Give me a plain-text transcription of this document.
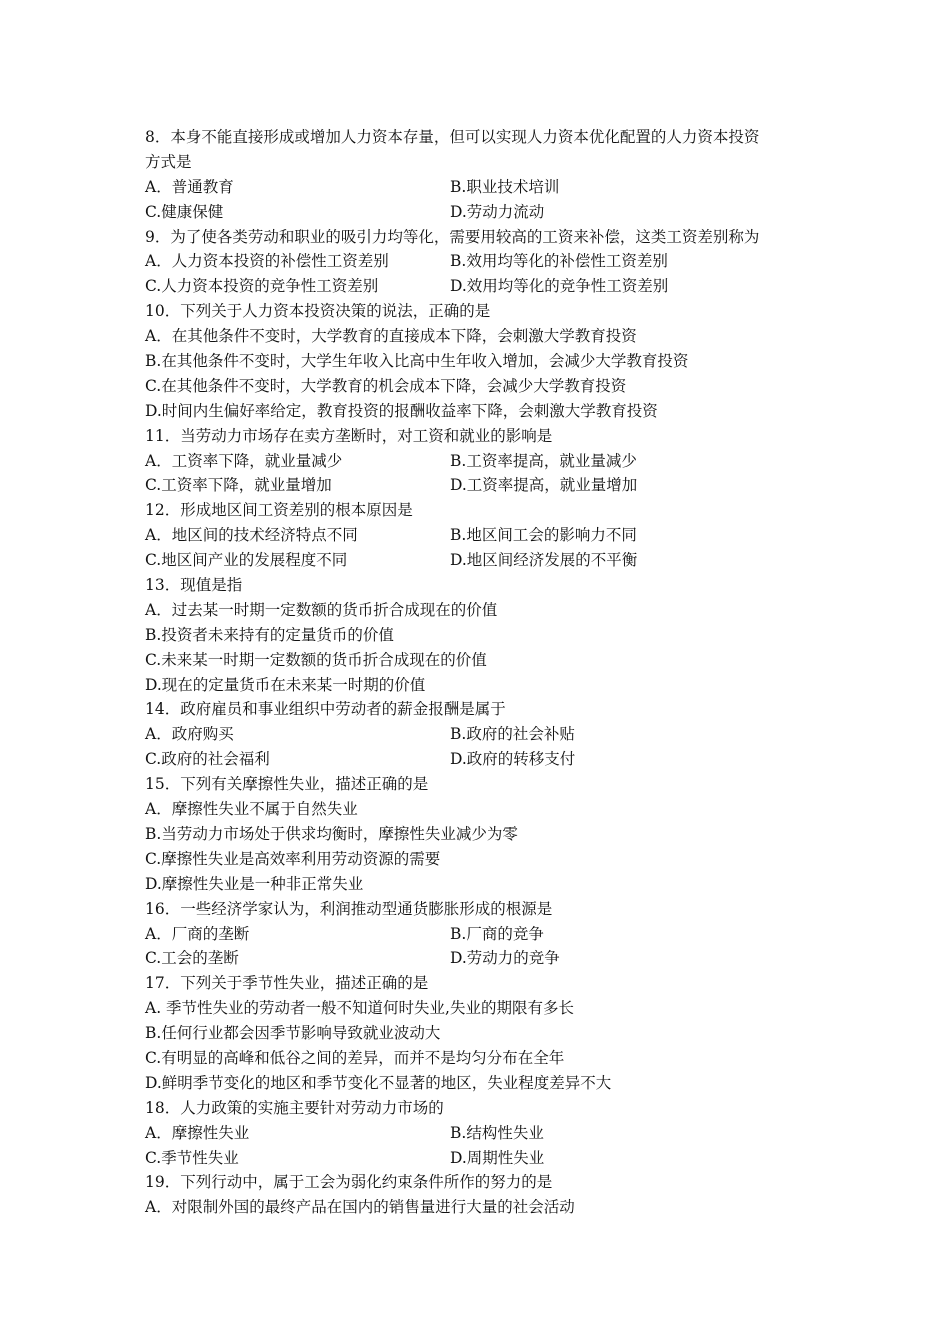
8．本身不能直接形成或增加人力资本存量，但可以实现人力资本优化配置的人力资本投资
方式是
A．普通教育	B.职业技术培训
C.健康保健	D.劳动力流动
9．为了使各类劳动和职业的吸引力均等化，需要用较高的工资来补偿，这类工资差别称为
A．人力资本投资的补偿性工资差别	B.效用均等化的补偿性工资差别
C.人力资本投资的竞争性工资差别	D.效用均等化的竞争性工资差别
10．下列关于人力资本投资决策的说法，正确的是
A．在其他条件不变时，大学教育的直接成本下降，会刺激大学教育投资
B.在其他条件不变时，大学生年收入比高中生年收入增加，会减少大学教育投资
C.在其他条件不变时，大学教育的机会成本下降，会减少大学教育投资
D.时间内生偏好率给定，教育投资的报酬收益率下降，会刺激大学教育投资
11．当劳动力市场存在卖方垄断时，对工资和就业的影响是
A．工资率下降，就业量减少	B.工资率提高，就业量减少
C.工资率下降，就业量增加	D.工资率提高，就业量增加
12．形成地区间工资差别的根本原因是
A．地区间的技术经济特点不同	B.地区间工会的影响力不同
C.地区间产业的发展程度不同	D.地区间经济发展的不平衡
13．现值是指
A．过去某一时期一定数额的货币折合成现在的价值
B.投资者未来持有的定量货币的价值
C.未来某一时期一定数额的货币折合成现在的价值
D.现在的定量货币在未来某一时期的价值
14．政府雇员和事业组织中劳动者的薪金报酬是属于
A．政府购买	B.政府的社会补贴
C.政府的社会福利	D.政府的转移支付
15．下列有关摩擦性失业，描述正确的是
A．摩擦性失业不属于自然失业
B.当劳动力市场处于供求均衡时，摩擦性失业减少为零
C.摩擦性失业是高效率利用劳动资源的需要
D.摩擦性失业是一种非正常失业
16．一些经济学家认为，利润推动型通货膨胀形成的根源是
A．厂商的垄断	B.厂商的竞争
C.工会的垄断	D.劳动力的竞争
17．下列关于季节性失业，描述正确的是
A. 季节性失业的劳动者一般不知道何时失业,失业的期限有多长
B.任何行业都会因季节影响导致就业波动大
C.有明显的高峰和低谷之间的差异，而并不是均匀分布在全年
D.鲜明季节变化的地区和季节变化不显著的地区，失业程度差异不大
18．人力政策的实施主要针对劳动力市场的
A．摩擦性失业	B.结构性失业
C.季节性失业	D.周期性失业
19．下列行动中，属于工会为弱化约束条件所作的努力的是
A．对限制外国的最终产品在国内的销售量进行大量的社会活动
